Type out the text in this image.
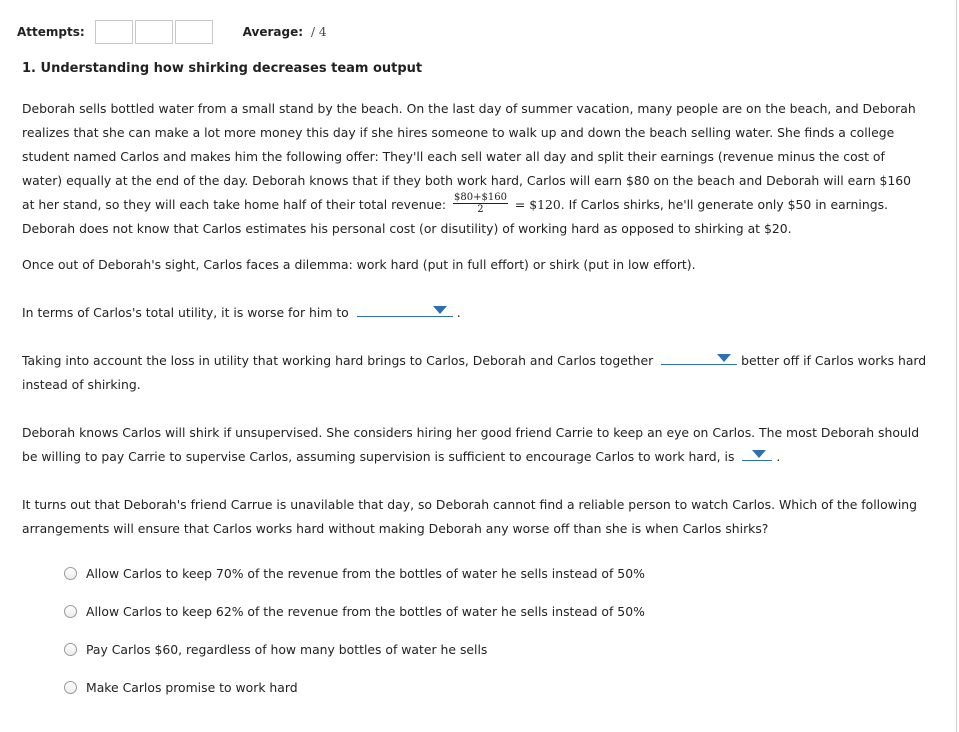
Attempts:	Average: / 4
1. Understanding how shirking decreases team output

Deborah sells bottled water from a small stand by the beach. On the last day of summer vacation, many people are on the beach, and Deborah realizes that she can make a lot more money this day if she hires someone to walk up and down the beach selling water. She finds a college student named Carlos and makes him the following offer: They'll each sell water all day and split their earnings (revenue minus the cost of water) equally at the end of the day. Deborah knows that if they both work hard, Carlos will earn $80 on the beach and Deborah will earn $160 at her stand, so they will each take home half of their total revenue: $\frac{\$80+\$160}{2}$ = $120. If Carlos shirks, he'll generate only $50 in earnings. Deborah does not know that Carlos estimates his personal cost (or disutility) of working hard as opposed to shirking at $20.

Once out of Deborah's sight, Carlos faces a dilemma: work hard (put in full effort) or shirk (put in low effort).

In terms of Carlos's total utility, it is worse for him to	.

Taking into account the loss in utility that working hard brings to Carlos, Deborah and Carlos together	better off if Carlos works hard instead of shirking.

Deborah knows Carlos will shirk if unsupervised. She considers hiring her good friend Carrie to keep an eye on Carlos. The most Deborah should be willing to pay Carrie to supervise Carlos, assuming supervision is sufficient to encourage Carlos to work hard, is	.

It turns out that Deborah's friend Carrue is unavilable that day, so Deborah cannot find a reliable person to watch Carlos. Which of the following arrangements will ensure that Carlos works hard without making Deborah any worse off than she is when Carlos shirks?

Allow Carlos to keep 70% of the revenue from the bottles of water he sells instead of 50%
Allow Carlos to keep 62% of the revenue from the bottles of water he sells instead of 50%
Pay Carlos $60, regardless of how many bottles of water he sells
Make Carlos promise to work hard
